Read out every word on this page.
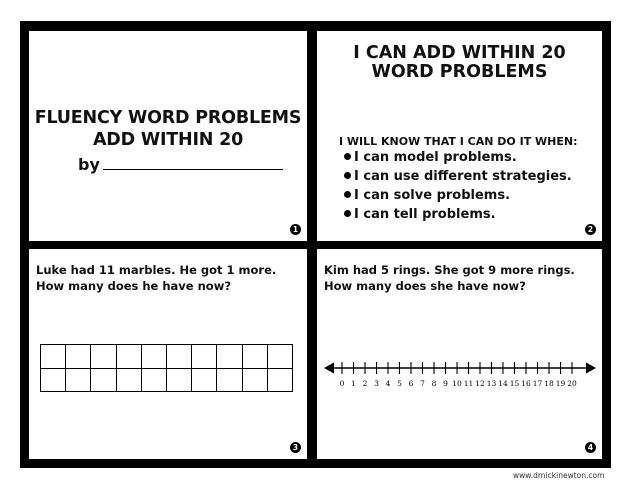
FLUENCY WORD PROBLEMS
ADD WITHIN 20
by
1
I CAN ADD WITHIN 20
WORD PROBLEMS
I WILL KNOW THAT I CAN DO IT WHEN:
I can model problems.
I can use different strategies.
I can solve problems.
I can tell problems.
2
Luke had 11 marbles. He got 1 more. How many does he have now?

3
Kim had 5 rings. She got 9 more rings. How many does she have now?
0 1 2 3 4 5 6 7 8 9 10 11 12 13 14 15 16 17 18 19 20
4
www.drnickinewton.com
